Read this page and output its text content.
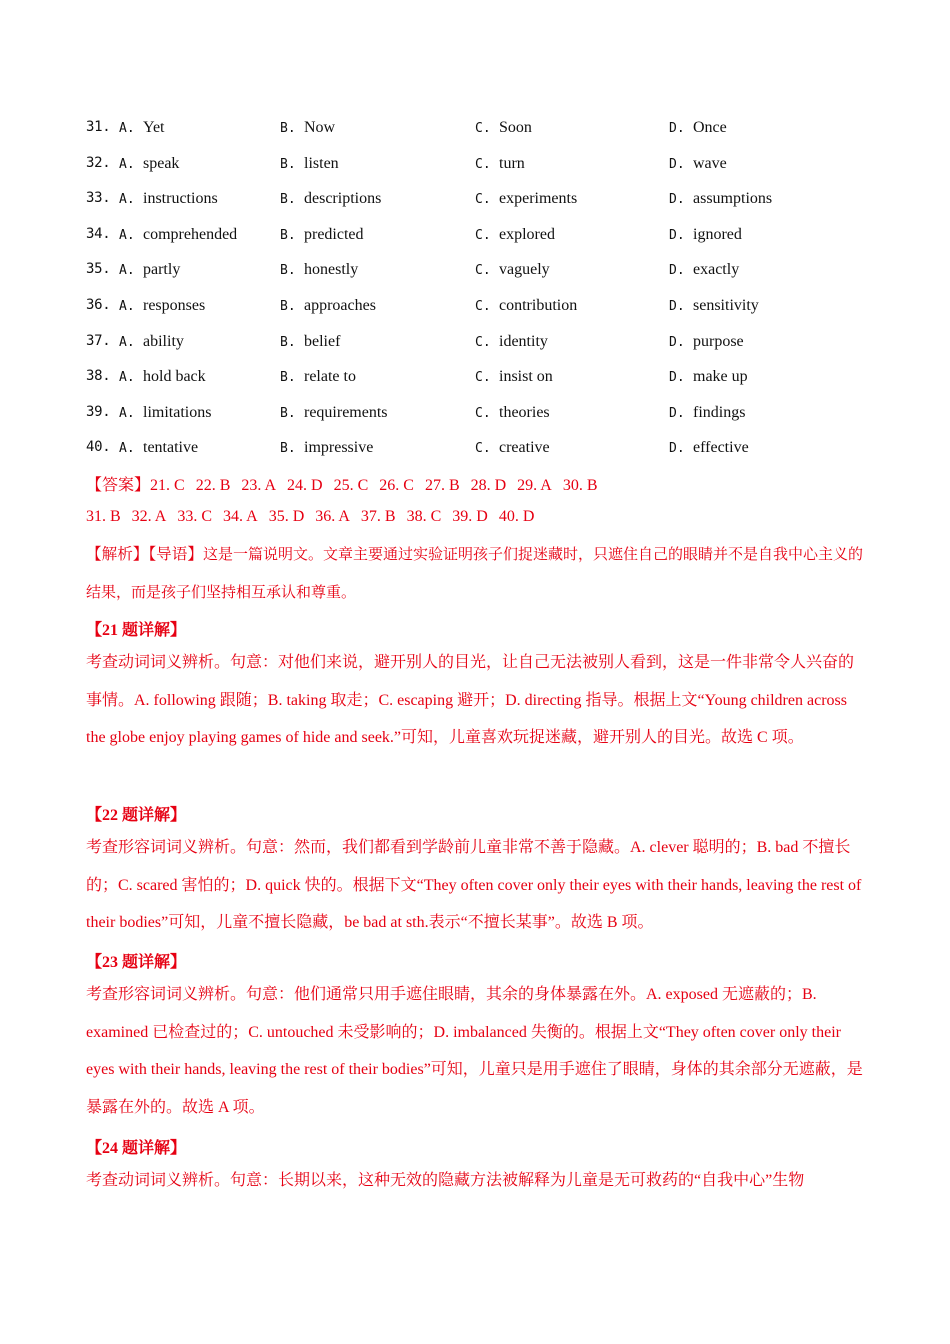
31. A. Yet	B. Now	C. Soon	D. Once
32. A. speak	B. listen	C. turn	D. wave
33. A. instructions	B. descriptions	C. experiments	D. assumptions
34. A. comprehended	B. predicted	C. explored	D. ignored
35. A. partly	B. honestly	C. vaguely	D. exactly
36. A. responses	B. approaches	C. contribution	D. sensitivity
37. A. ability	B. belief	C. identity	D. purpose
38. A. hold back	B. relate to	C. insist on	D. make up
39. A. limitations	B. requirements	C. theories	D. findings
40. A. tentative	B. impressive	C. creative	D. effective
【答案】21. C 22. B 23. A 24. D 25. C 26. C 27. B 28. D 29. A 30. B
31. B 32. A 33. C 34. A 35. D 36. A 37. B 38. C 39. D 40. D
【解析】【导语】这是一篇说明文。文章主要通过实验证明孩子们捉迷藏时，只遮住自己的眼睛并不是自我中心主义的结果，而是孩子们坚持相互承认和尊重。
【21 题详解】
考查动词词义辨析。句意：对他们来说，避开别人的目光，让自己无法被别人看到，这是一件非常令人兴奋的事情。A. following 跟随；B. taking 取走；C. escaping 避开；D. directing 指导。根据上文“Young children across the globe enjoy playing games of hide and seek.”可知，儿童喜欢玩捉迷藏，避开别人的目光。故选 C 项。
【22 题详解】
考查形容词词义辨析。句意：然而，我们都看到学龄前儿童非常不善于隐藏。A. clever 聪明的；B. bad 不擅长的；C. scared 害怕的；D. quick 快的。根据下文“They often cover only their eyes with their hands, leaving the rest of their bodies”可知，儿童不擅长隐藏，be bad at sth.表示“不擅长某事”。故选 B 项。
【23 题详解】
考查形容词词义辨析。句意：他们通常只用手遮住眼睛，其余的身体暴露在外。A. exposed 无遮蔽的；B. examined 已检查过的；C. untouched 未受影响的；D. imbalanced 失衡的。根据上文“They often cover only their eyes with their hands, leaving the rest of their bodies”可知，儿童只是用手遮住了眼睛，身体的其余部分无遮蔽，是暴露在外的。故选 A 项。
【24 题详解】
考查动词词义辨析。句意：长期以来，这种无效的隐藏方法被解释为儿童是无可救药的“自我中心”生物
